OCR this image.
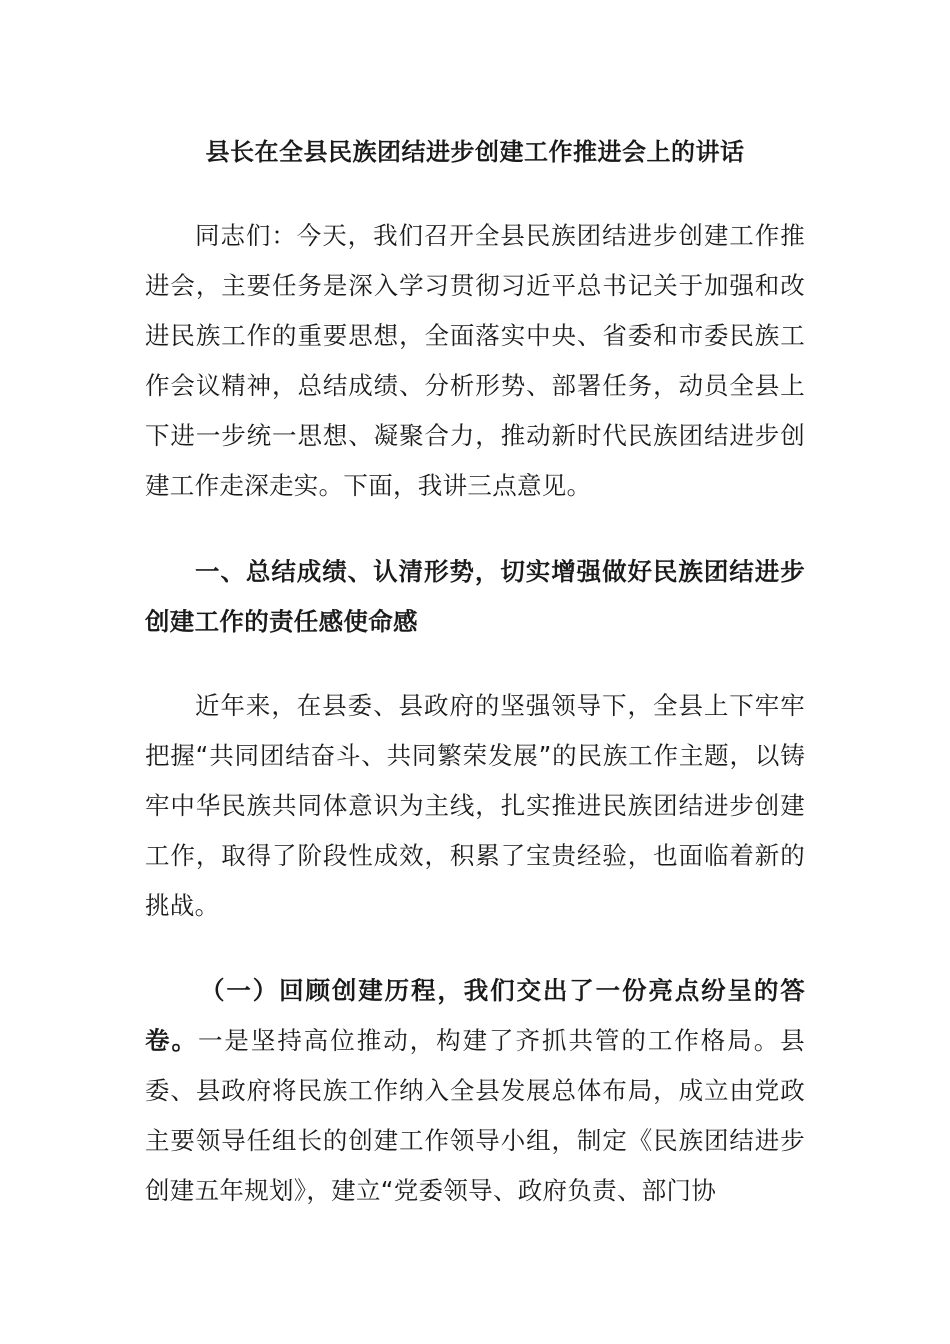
县长在全县民族团结进步创建工作推进会上的讲话

同志们：今天，我们召开全县民族团结进步创建工作推进会，主要任务是深入学习贯彻习近平总书记关于加强和改进民族工作的重要思想，全面落实中央、省委和市委民族工作会议精神，总结成绩、分析形势、部署任务，动员全县上下进一步统一思想、凝聚合力，推动新时代民族团结进步创建工作走深走实。下面，我讲三点意见。

一、总结成绩、认清形势，切实增强做好民族团结进步创建工作的责任感使命感

近年来，在县委、县政府的坚强领导下，全县上下牢牢把握“共同团结奋斗、共同繁荣发展”的民族工作主题，以铸牢中华民族共同体意识为主线，扎实推进民族团结进步创建工作，取得了阶段性成效，积累了宝贵经验，也面临着新的挑战。

（一）回顾创建历程，我们交出了一份亮点纷呈的答卷。一是坚持高位推动，构建了齐抓共管的工作格局。县委、县政府将民族工作纳入全县发展总体布局，成立由党政主要领导任组长的创建工作领导小组，制定《民族团结进步创建五年规划》，建立“党委领导、政府负责、部门协
